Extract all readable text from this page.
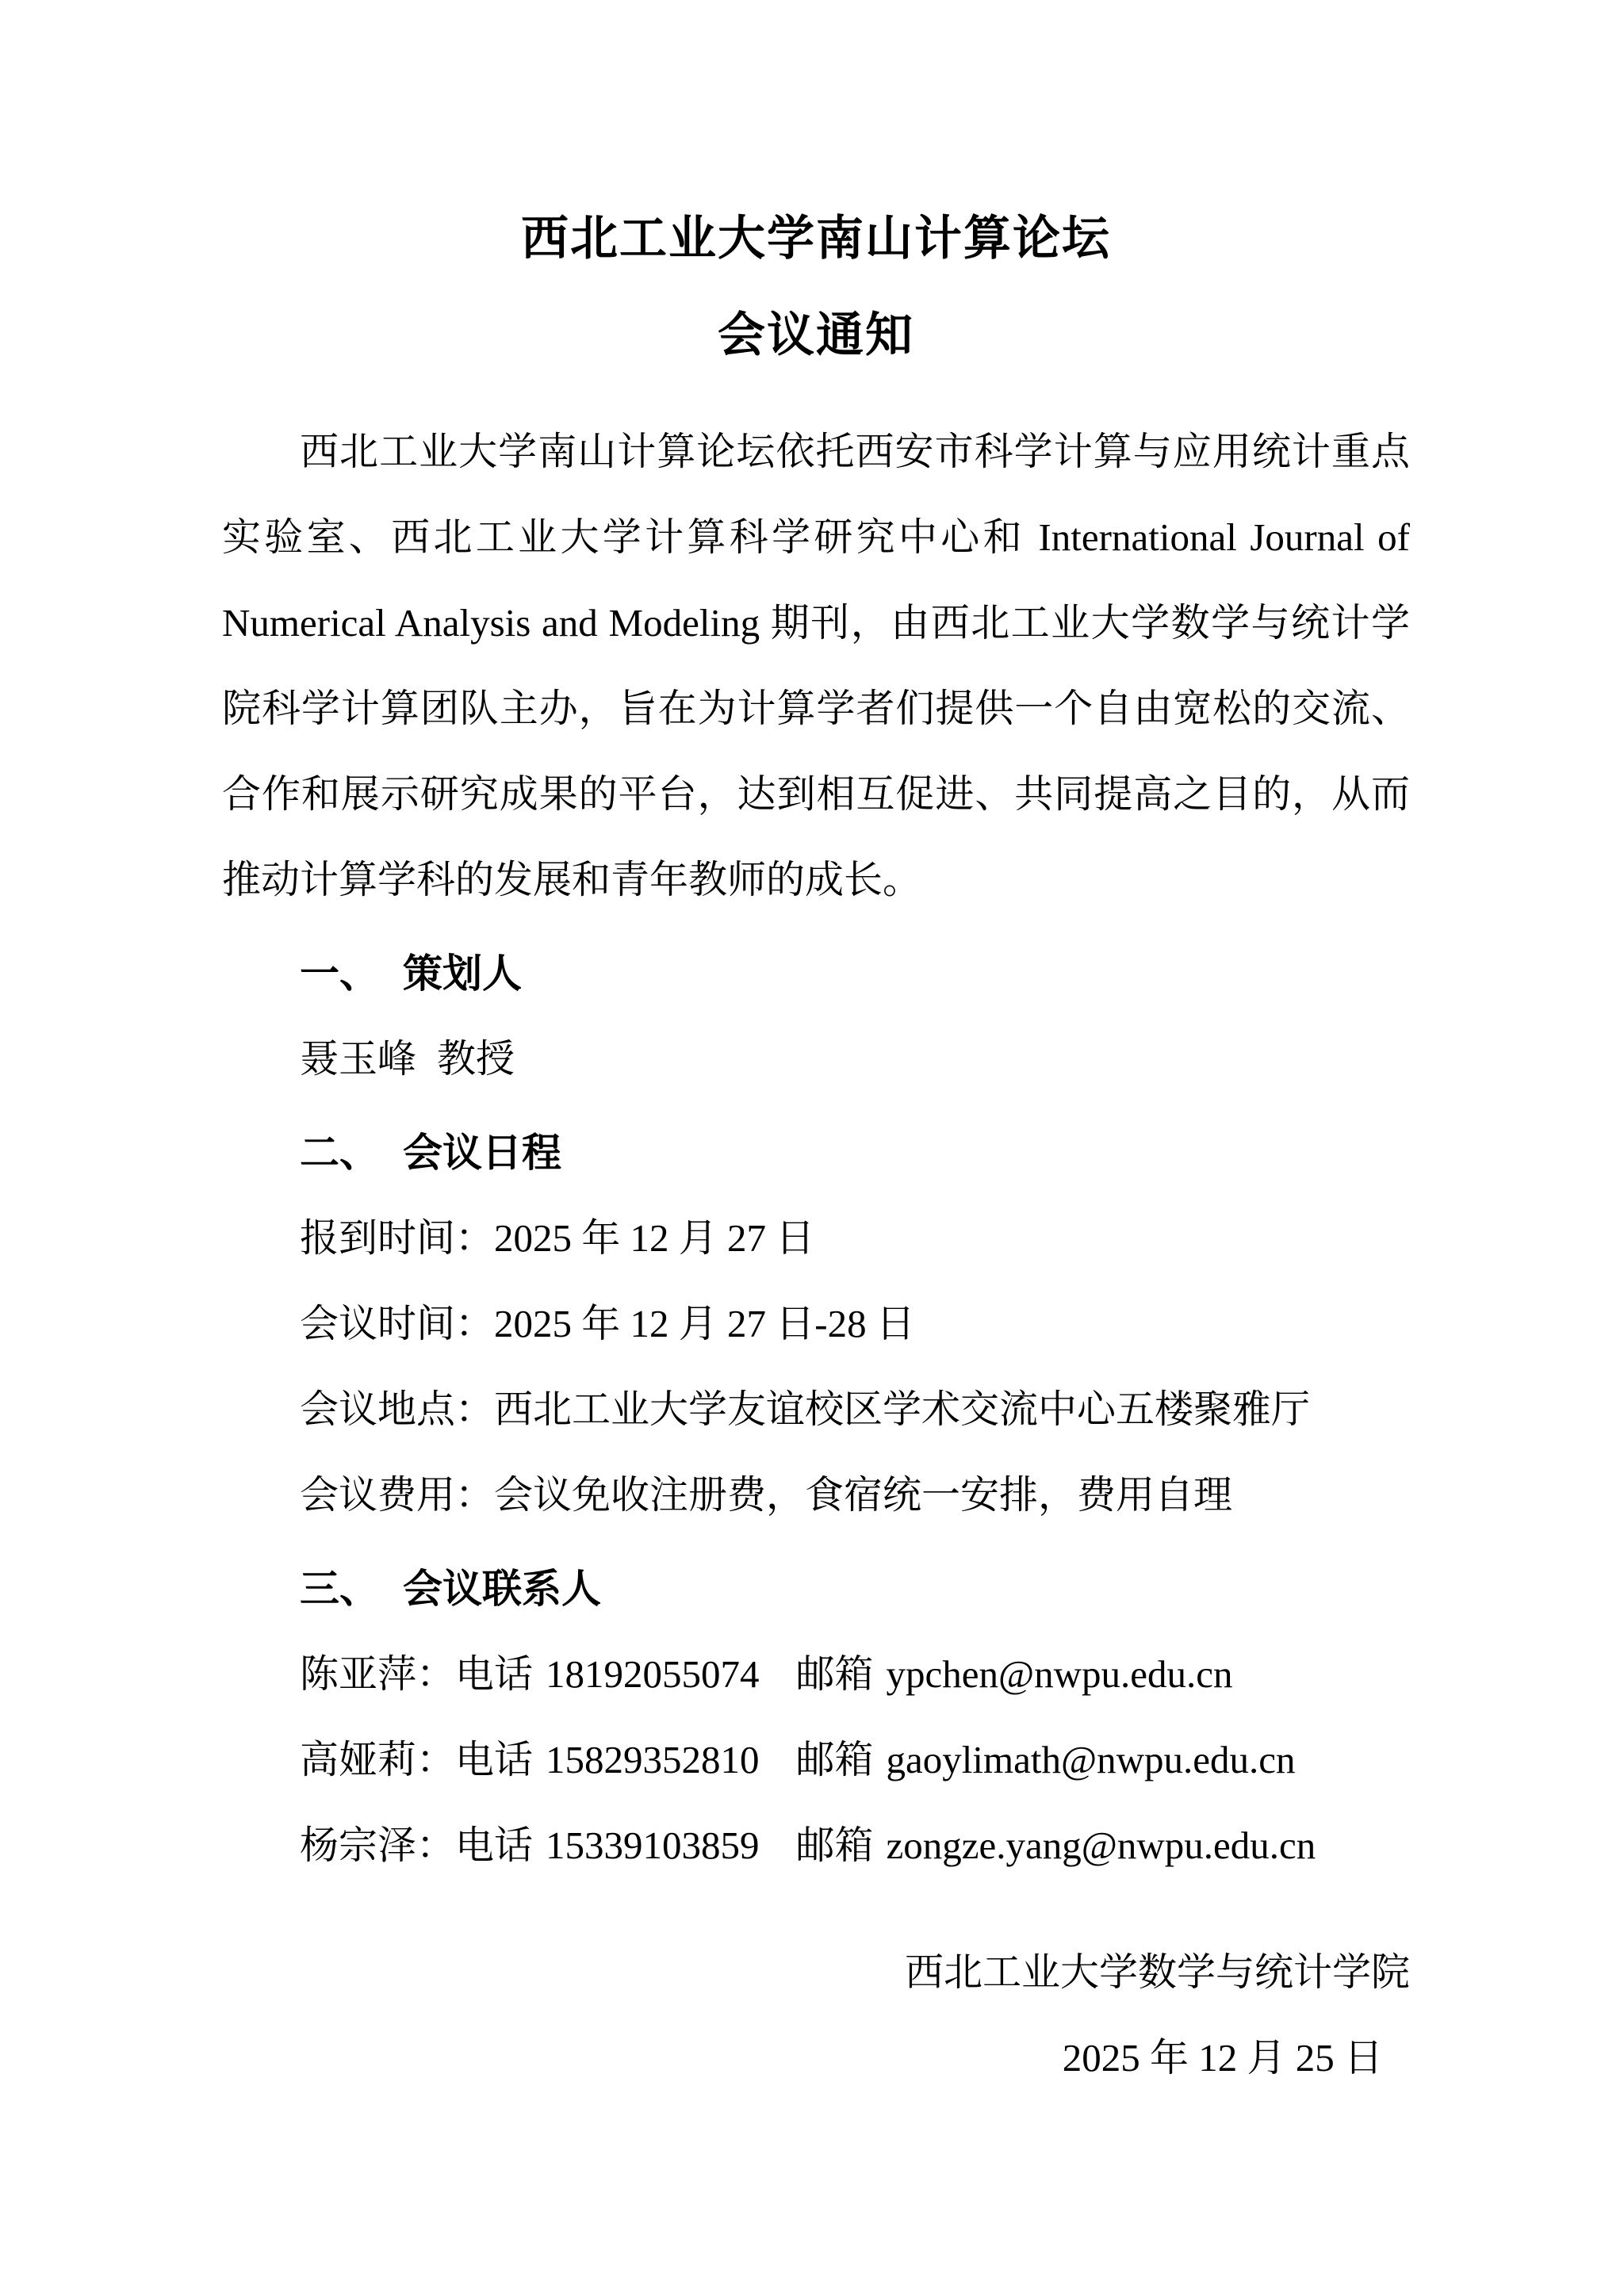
西北工业大学南山计算论坛
会议通知

西北工业大学南山计算论坛依托西安市科学计算与应用统计重点实验室、西北工业大学计算科学研究中心和 International Journal of Numerical Analysis and Modeling 期刊，由西北工业大学数学与统计学院科学计算团队主办，旨在为计算学者们提供一个自由宽松的交流、合作和展示研究成果的平台，达到相互促进、共同提高之目的，从而推动计算学科的发展和青年教师的成长。

一、 策划人

聂玉峰 教授

二、 会议日程

报到时间：2025 年 12 月 27 日

会议时间：2025 年 12 月 27 日-28 日

会议地点：西北工业大学友谊校区学术交流中心五楼聚雅厅

会议费用：会议免收注册费，食宿统一安排，费用自理

三、 会议联系人

陈亚萍：电话 18192055074 邮箱 ypchen@nwpu.edu.cn

高娅莉：电话 15829352810 邮箱 gaoylimath@nwpu.edu.cn

杨宗泽：电话 15339103859 邮箱 zongze.yang@nwpu.edu.cn

西北工业大学数学与统计学院

2025 年 12 月 25 日
